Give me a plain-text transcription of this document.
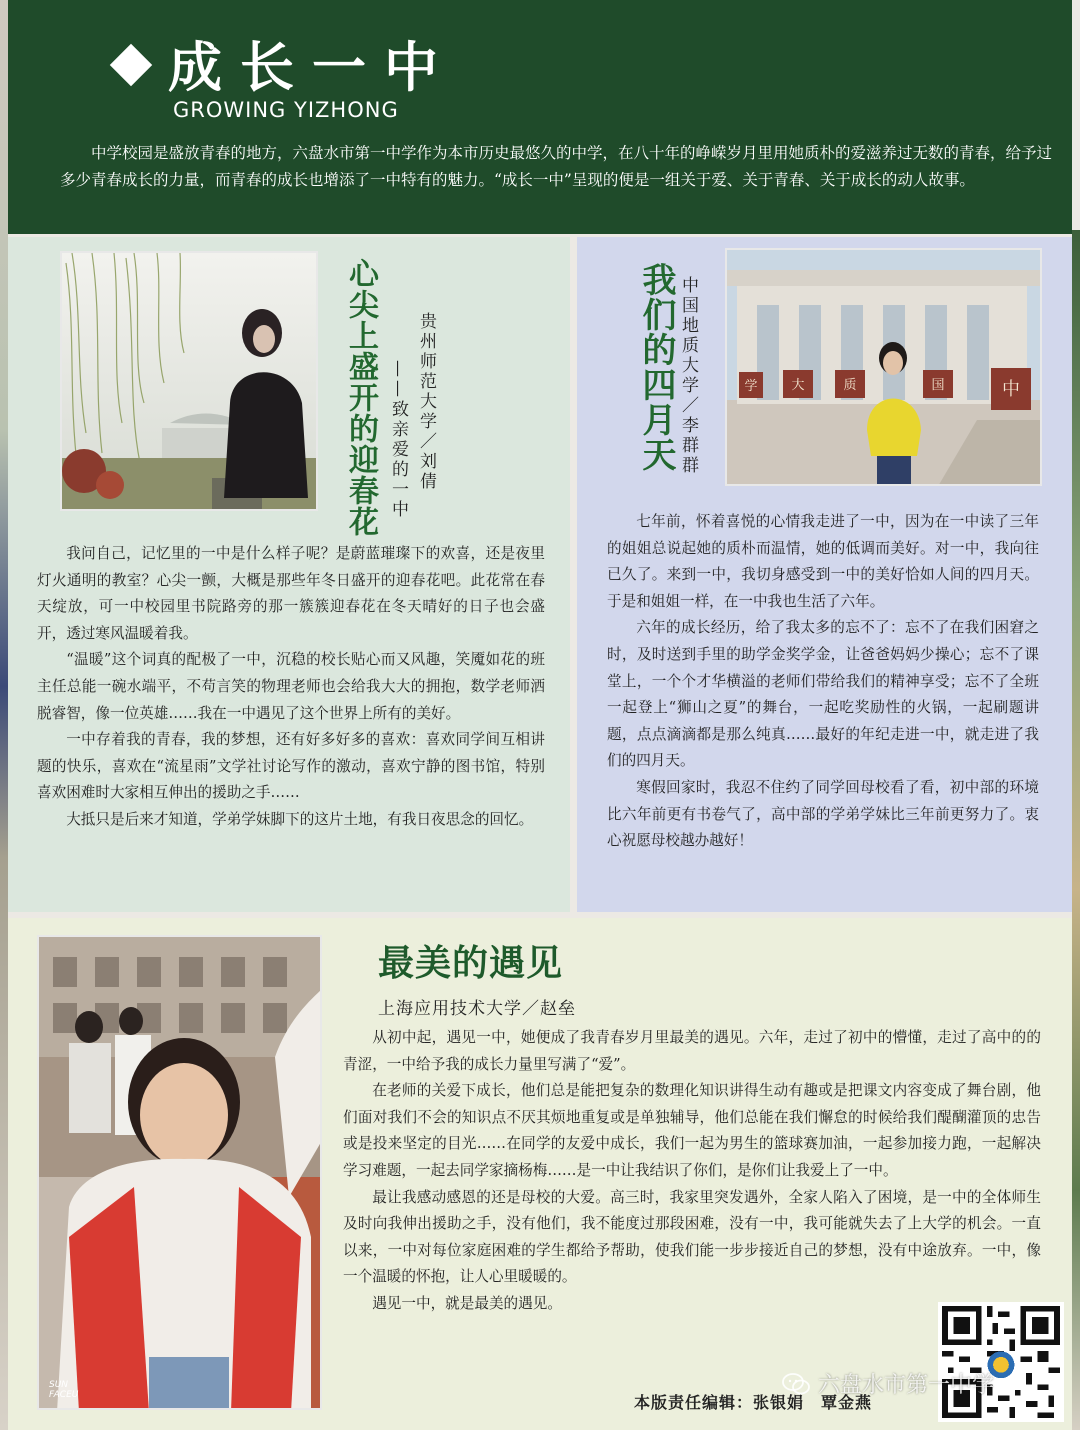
成长一中
GROWING YIZHONG
中学校园是盛放青春的地方，六盘水市第一中学作为本市历史最悠久的中学，在八十年的峥嵘岁月里用她质朴的爱滋养过无数的青春，给予过多少青春成长的力量，而青春的成长也增添了一中特有的魅力。“成长一中”呈现的便是一组关于爱、关于青春、关于成长的动人故事。
心尖上盛开的迎春花 贵州师范大学／刘倩
——致亲爱的一中

我问自己，记忆里的一中是什么样子呢？是蔚蓝璀璨下的欢喜，还是夜里灯火通明的教室？心尖一颤，大概是那些年冬日盛开的迎春花吧。此花常在春天绽放，可一中校园里书院路旁的那一簇簇迎春花在冬天晴好的日子也会盛开，透过寒风温暖着我。

“温暖”这个词真的配极了一中，沉稳的校长贴心而又风趣，笑魇如花的班主任总能一碗水端平，不苟言笑的物理老师也会给我大大的拥抱，数学老师洒脱睿智，像一位英雄……我在一中遇见了这个世界上所有的美好。

一中存着我的青春，我的梦想，还有好多好多的喜欢：喜欢同学间互相讲题的快乐，喜欢在“流星雨”文学社讨论写作的激动，喜欢宁静的图书馆，特别喜欢困难时大家相互伸出的援助之手……

大抵只是后来才知道，学弟学妹脚下的这片土地，有我日夜思念的回忆。

我们的四月天 中国地质大学／李群群	学	大	质	国	中

七年前，怀着喜悦的心情我走进了一中，因为在一中读了三年的姐姐总说起她的质朴而温情，她的低调而美好。对一中，我向往已久了。来到一中，我切身感受到一中的美好恰如人间的四月天。于是和姐姐一样，在一中我也生活了六年。

六年的成长经历，给了我太多的忘不了：忘不了在我们困窘之时，及时送到手里的助学金奖学金，让爸爸妈妈少操心；忘不了课堂上，一个个才华横溢的老师们带给我们的精神享受；忘不了全班一起登上“狮山之夏”的舞台，一起吃奖励性的火锅，一起刷题讲题，点点滴滴都是那么纯真……最好的年纪走进一中，就走进了我们的四月天。

寒假回家时，我忍不住约了同学回母校看了看，初中部的环境比六年前更有书卷气了，高中部的学弟学妹比三年前更努力了。衷心祝愿母校越办越好！

SUN FACEU
最美的遇见
上海应用技术大学／赵垒

从初中起，遇见一中，她便成了我青春岁月里最美的遇见。六年，走过了初中的懵懂，走过了高中的的青涩，一中给予我的成长力量里写满了“爱”。

在老师的关爱下成长，他们总是能把复杂的数理化知识讲得生动有趣或是把课文内容变成了舞台剧，他们面对我们不会的知识点不厌其烦地重复或是单独辅导，他们总能在我们懈怠的时候给我们醍醐灌顶的忠告或是投来坚定的目光……在同学的友爱中成长，我们一起为男生的篮球赛加油，一起参加接力跑，一起解决学习难题，一起去同学家摘杨梅……是一中让我结识了你们，是你们让我爱上了一中。

最让我感动感恩的还是母校的大爱。高三时，我家里突发遇外，全家人陷入了困境，是一中的全体师生及时向我伸出援助之手，没有他们，我不能度过那段困难，没有一中，我可能就失去了上大学的机会。一直以来，一中对每位家庭困难的学生都给予帮助，使我们能一步步接近自己的梦想，没有中途放弃。一中，像一个温暖的怀抱，让人心里暖暖的。

遇见一中，就是最美的遇见。

本版责任编辑：张银娟　覃金燕
六盘水市第一中学
